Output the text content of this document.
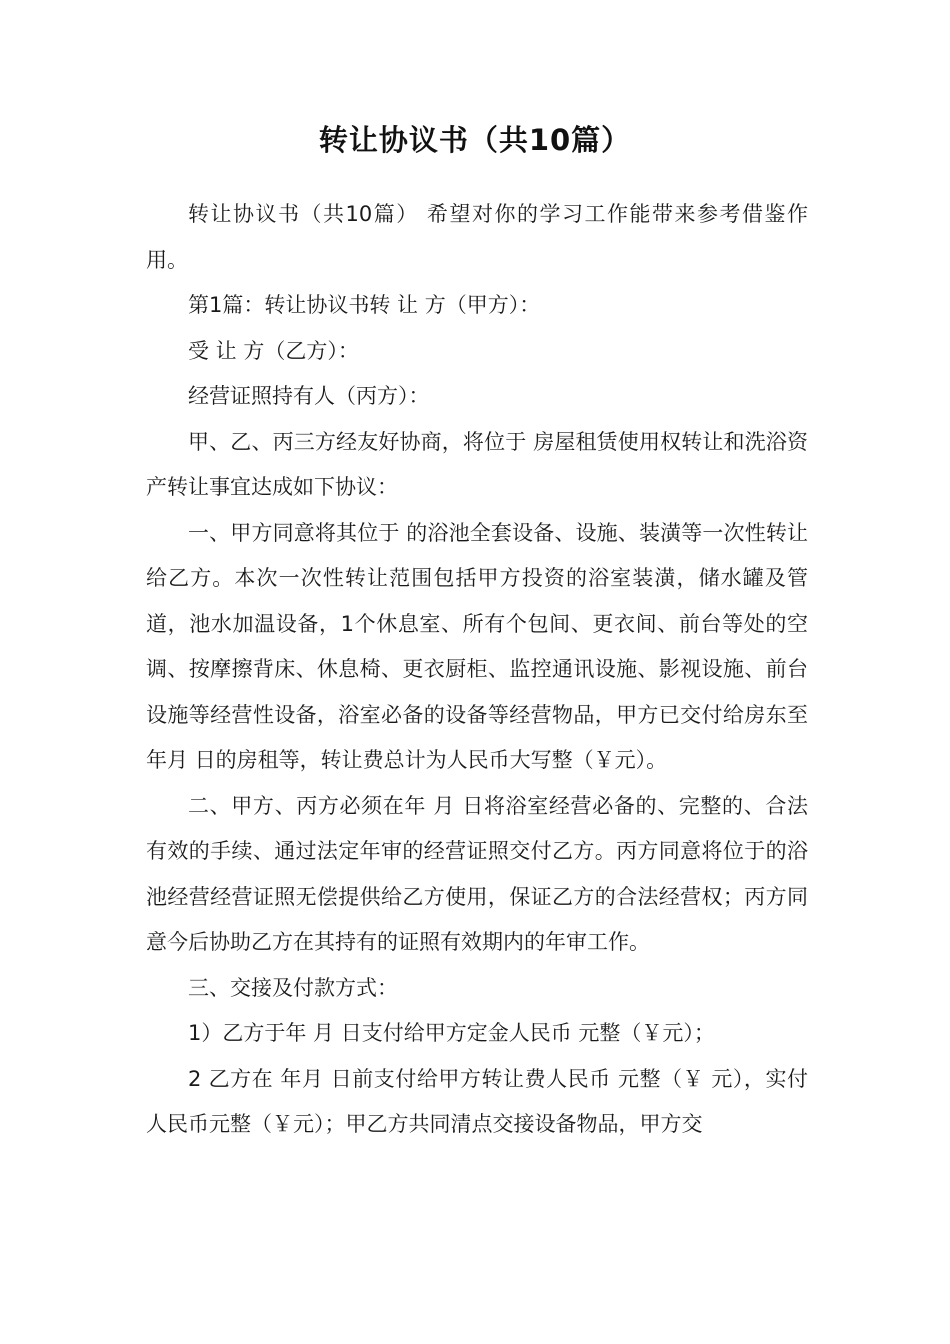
转让协议书（共10篇）

转让协议书（共10篇） 希望对你的学习工作能带来参考借鉴作用。

第1篇：转让协议书转 让 方（甲方）：

受 让 方（乙方）：

经营证照持有人（丙方）：

甲、乙、丙三方经友好协商，将位于 房屋租赁使用权转让和洗浴资产转让事宜达成如下协议：

一、甲方同意将其位于 的浴池全套设备、设施、装潢等一次性转让给乙方。本次一次性转让范围包括甲方投资的浴室装潢，储水罐及管道，池水加温设备，1个休息室、所有个包间、更衣间、前台等处的空调、按摩擦背床、休息椅、更衣厨柜、监控通讯设施、影视设施、前台设施等经营性设备，浴室必备的设备等经营物品，甲方已交付给房东至年月 日的房租等，转让费总计为人民币大写整（￥元）。

二、甲方、丙方必须在年 月 日将浴室经营必备的、完整的、合法有效的手续、通过法定年审的经营证照交付乙方。丙方同意将位于的浴池经营经营证照无偿提供给乙方使用，保证乙方的合法经营权；丙方同意今后协助乙方在其持有的证照有效期内的年审工作。

三、交接及付款方式：

1）乙方于年 月 日支付给甲方定金人民币 元整（￥元）；

2 乙方在 年月 日前支付给甲方转让费人民币 元整（￥ 元），实付人民币元整（￥元）；甲乙方共同清点交接设备物品，甲方交
